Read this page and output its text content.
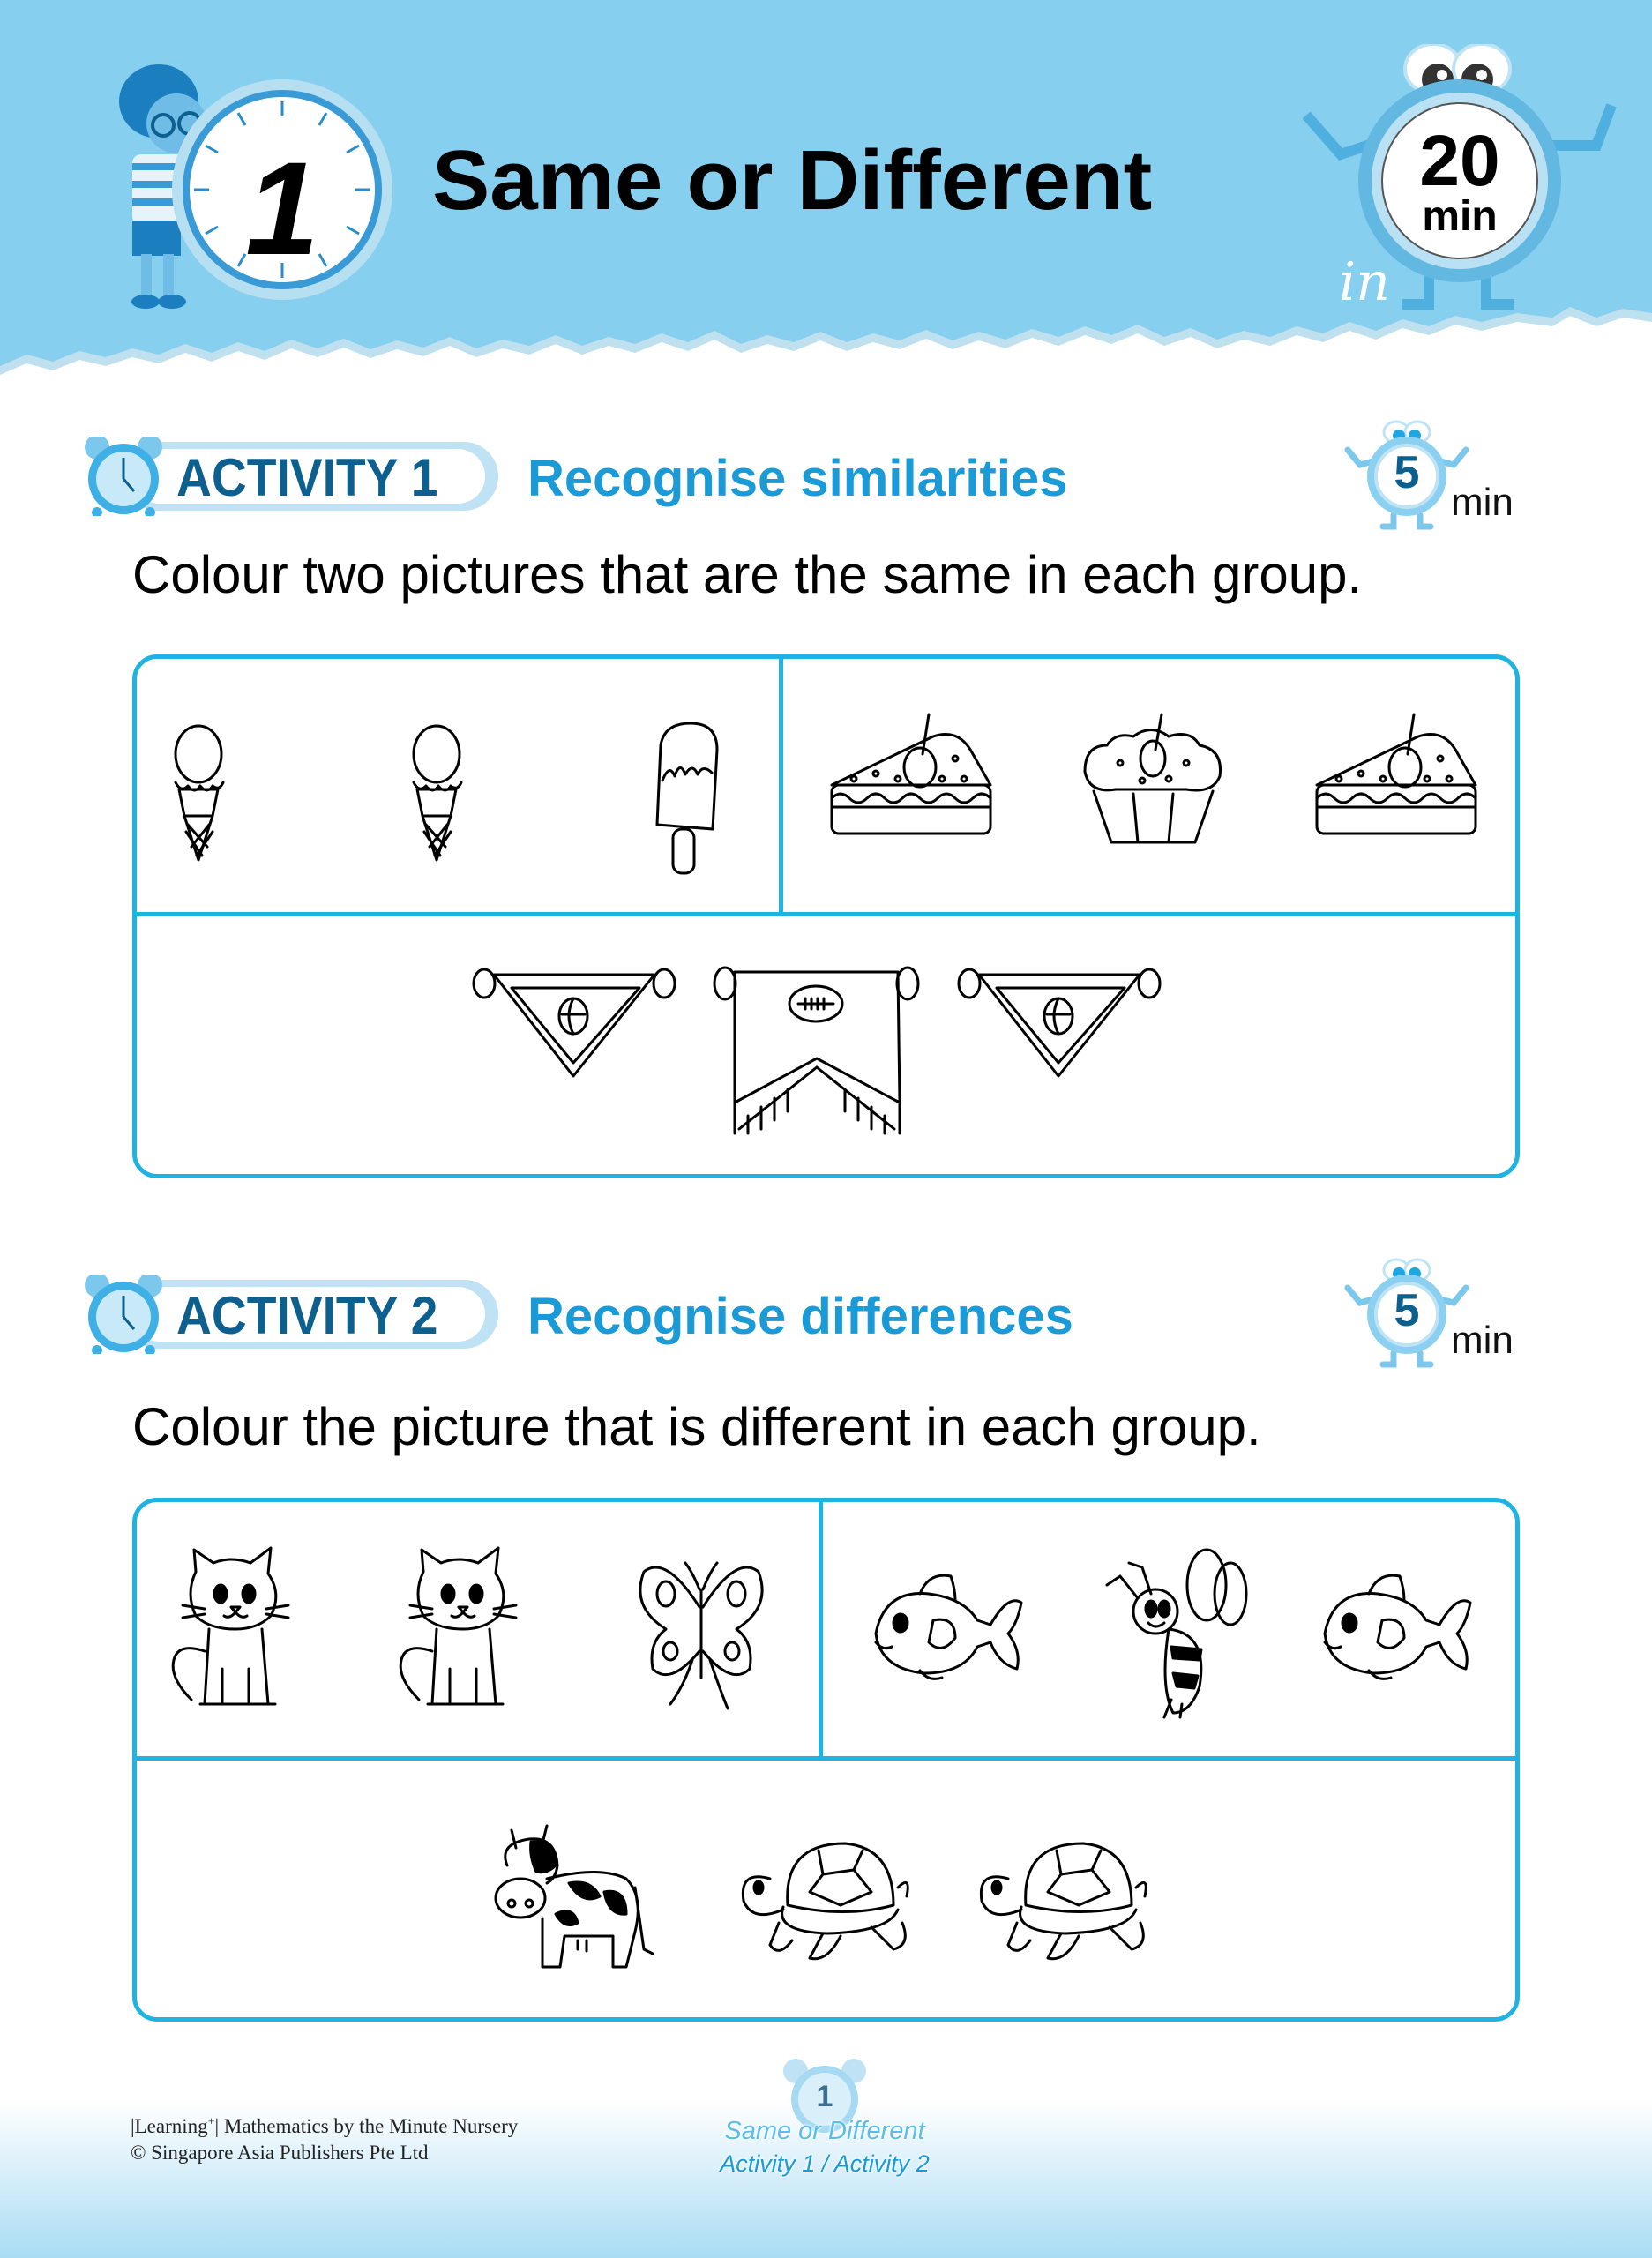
1 Same or Different	20
min
in
ACTIVITY 1 Recognise similarities	5
min
Colour two pictures that are the same in each group.
ACTIVITY 2 Recognise differences	5
min
Colour the picture that is different in each group.
|Learning+| Mathematics by the Minute Nursery
© Singapore Asia Publishers Pte Ltd
1
Same or Different
Activity 1 / Activity 2
